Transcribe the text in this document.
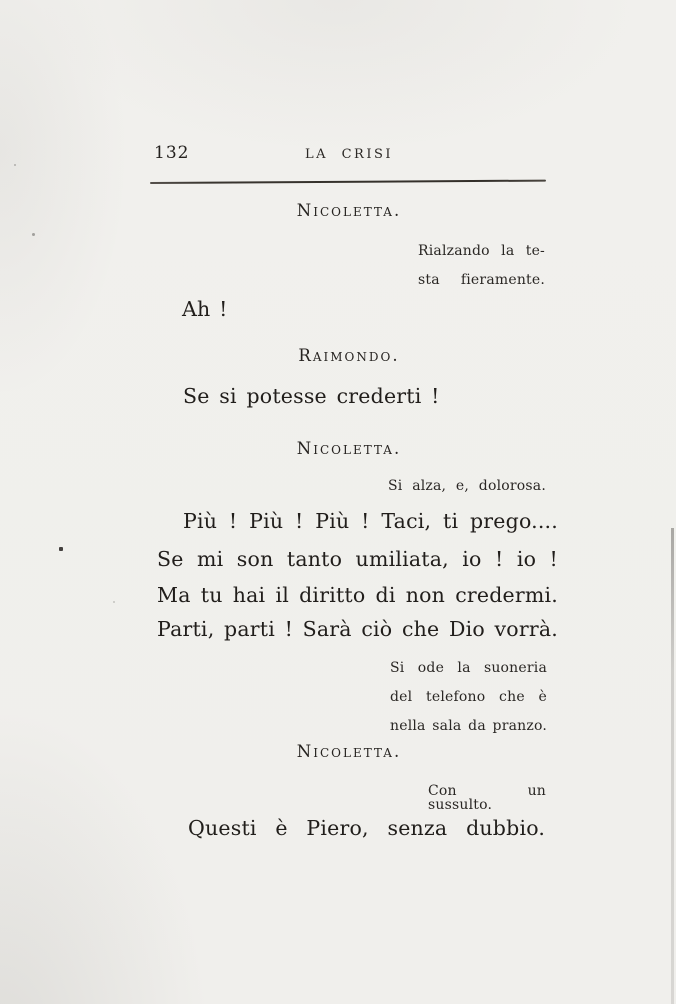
132	LA CRISI
Nicoletta.
Rialzando la te-
sta fieramente.
Ah !
Raimondo.
Se si potesse crederti !
Nicoletta.
Si alza, e, dolorosa.
Più ! Più ! Più ! Taci, ti prego....
Se mi son tanto umiliata, io ! io !
Ma tu hai il diritto di non credermi.
Parti, parti ! Sarà ciò che Dio vorrà.
Si ode la suoneria
del telefono che è
nella sala da pranzo.
Nicoletta.
Con un sussulto.
Questi è Piero, senza dubbio.
